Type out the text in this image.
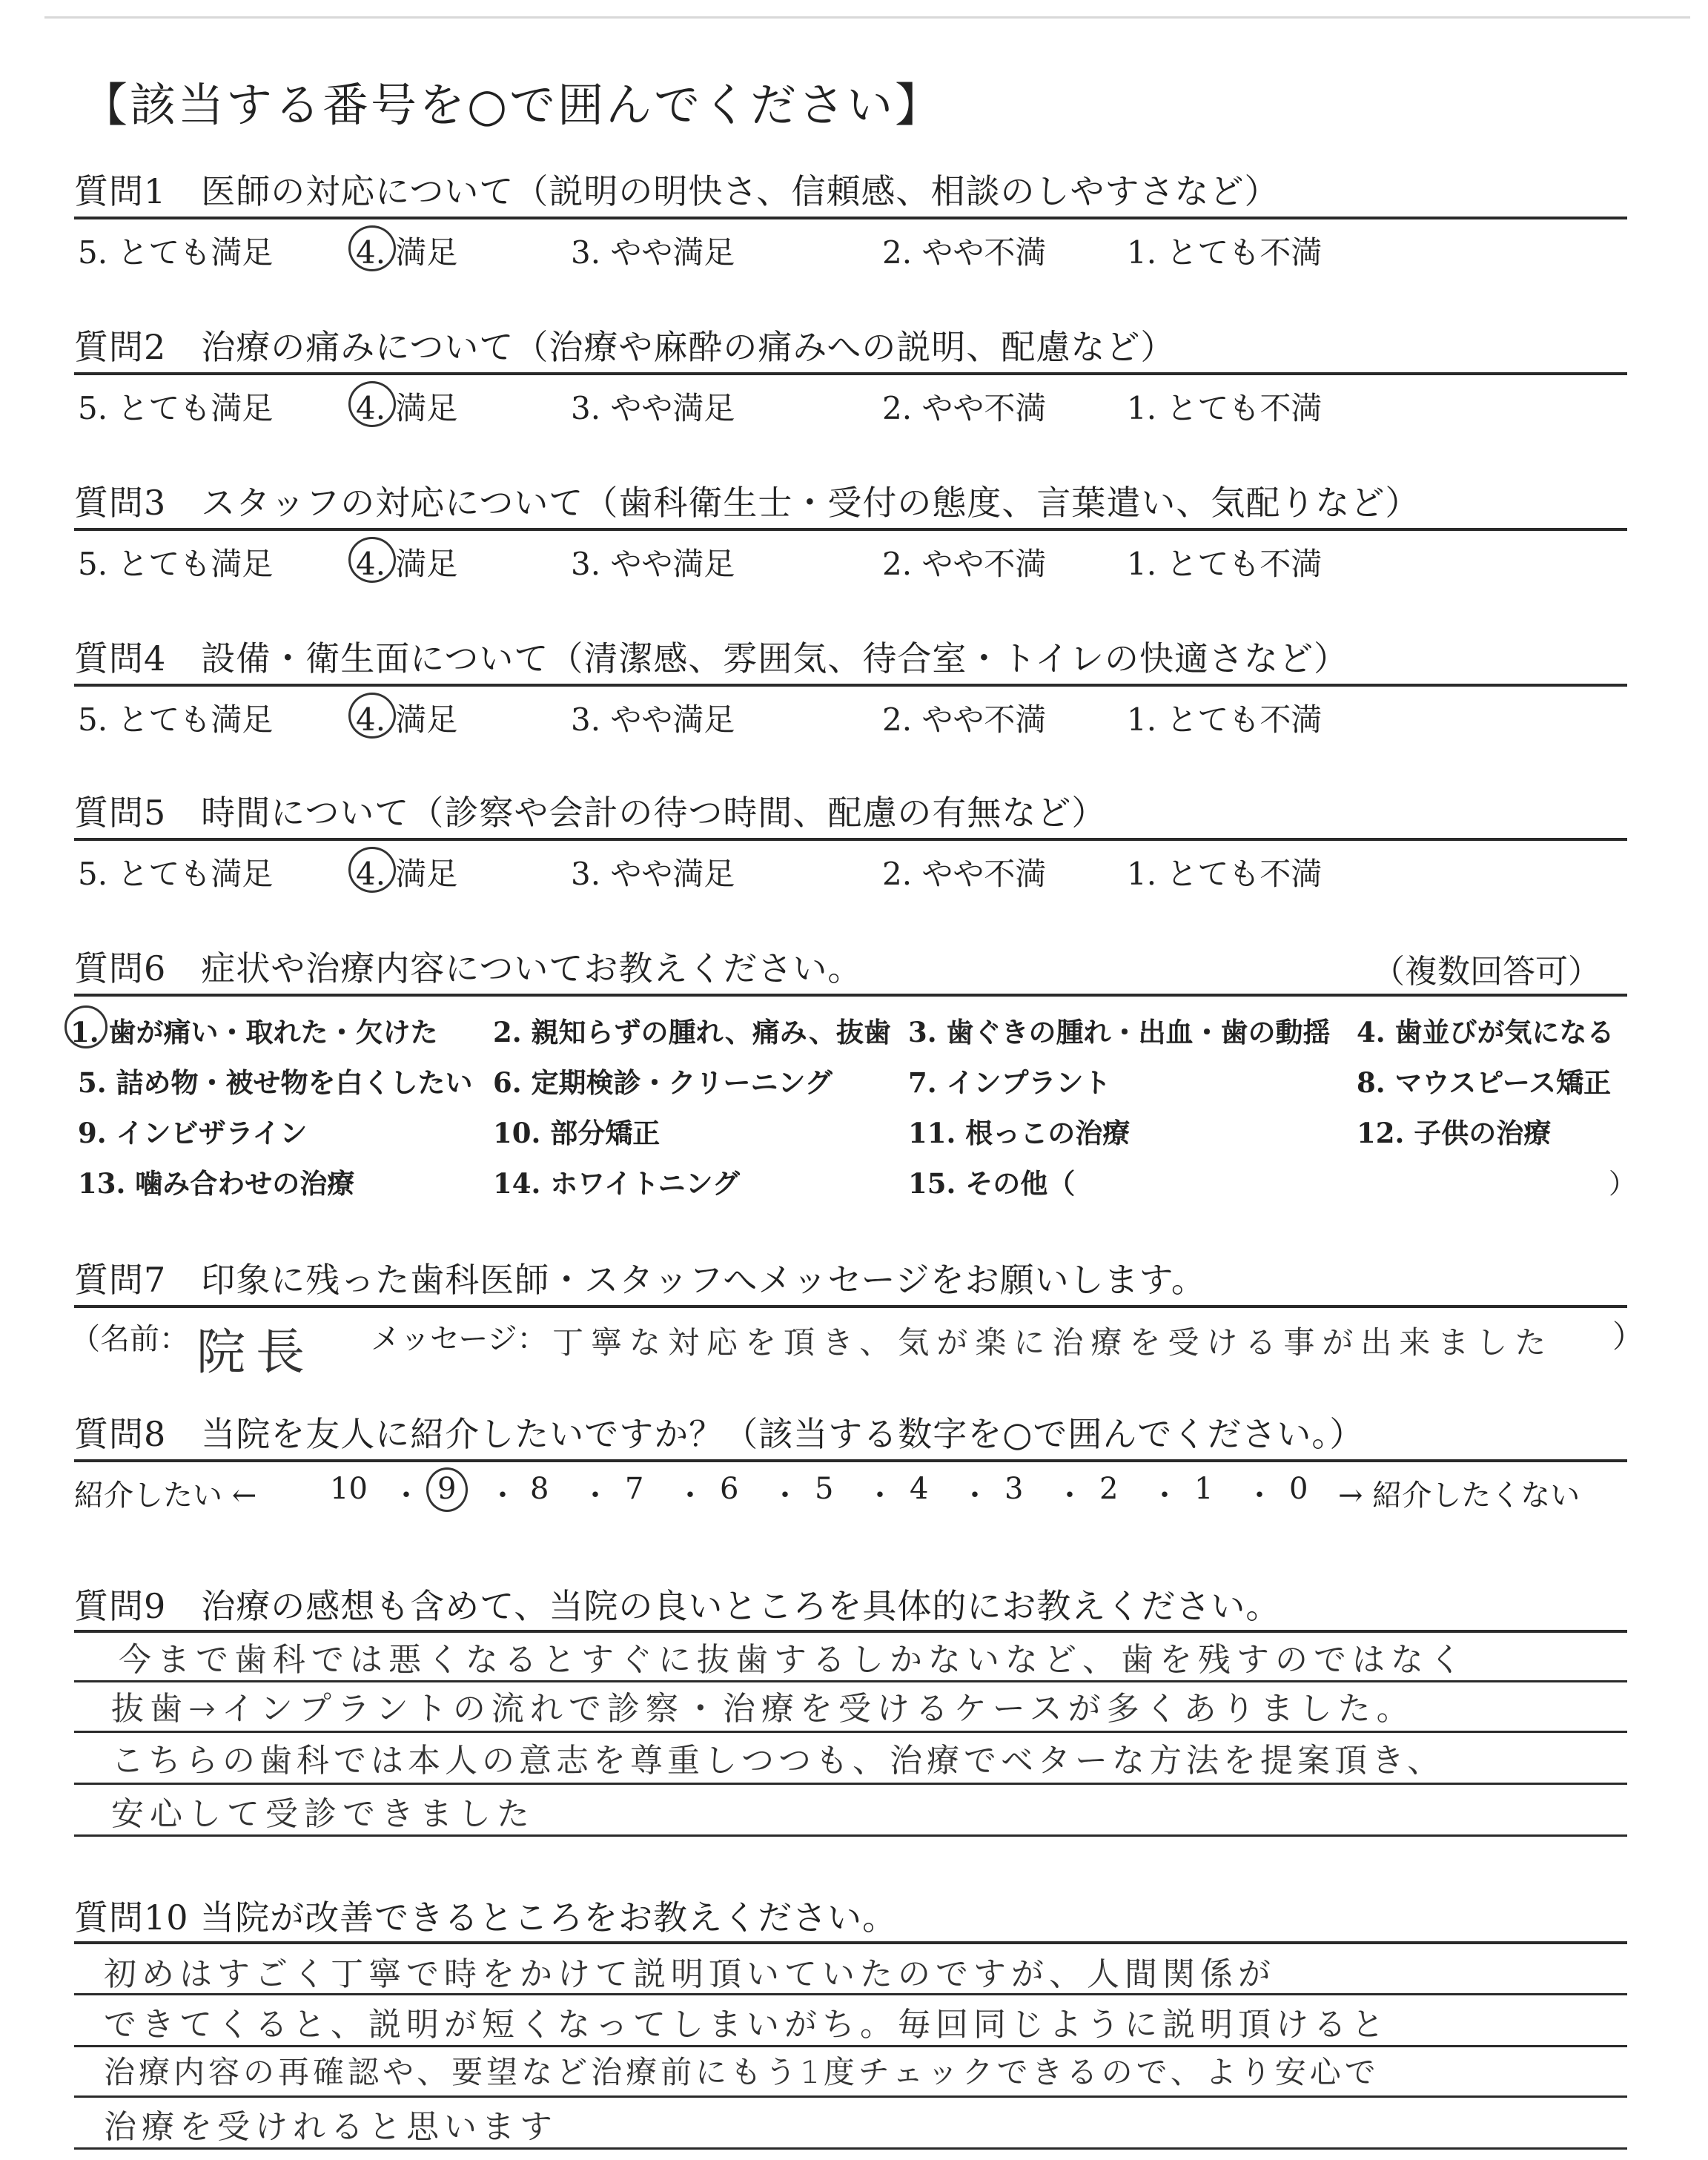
【該当する番号を○で囲んでください】
質問1　医師の対応について（説明の明快さ、信頼感、相談のしやすさなど）
5. とても満足	4. 満足	3. やや満足	2. やや不満	1. とても不満
質問2　治療の痛みについて（治療や麻酔の痛みへの説明、配慮など）
5. とても満足	4. 満足	3. やや満足	2. やや不満	1. とても不満
質問3　スタッフの対応について（歯科衛生士・受付の態度、言葉遣い、気配りなど）
5. とても満足	4. 満足	3. やや満足	2. やや不満	1. とても不満
質問4　設備・衛生面について（清潔感、雰囲気、待合室・トイレの快適さなど）
5. とても満足	4. 満足	3. やや満足	2. やや不満	1. とても不満
質問5　時間について（診察や会計の待つ時間、配慮の有無など）
5. とても満足	4. 満足	3. やや満足	2. やや不満	1. とても不満
質問6　症状や治療内容についてお教えください。	（複数回答可）
1. 歯が痛い・取れた・欠けた 2. 親知らずの腫れ、痛み、抜歯 3. 歯ぐきの腫れ・出血・歯の動揺 4. 歯並びが気になる
5. 詰め物・被せ物を白くしたい 6. 定期検診・クリーニング	7. インプラント	8. マウスピース矯正
9. インビザライン	10. 部分矯正	11. 根っこの治療	12. 子供の治療
13. 噛み合わせの治療	14. ホワイトニング	15. その他（	）
質問7　印象に残った歯科医師・スタッフへメッセージをお願いします。
（名前： 院長 メッセージ： 丁寧な対応を頂き、気が楽に治療を受ける事が出来ました ）
質問8　当院を友人に紹介したいですか？（該当する数字を○で囲んでください。）
紹介したい ← 10 ・ 9 ・ 8 ・ 7 ・ 6 ・ 5 ・ 4 ・ 3 ・ 2 ・ 1 ・ 0 → 紹介したくない
質問9　治療の感想も含めて、当院の良いところを具体的にお教えください。
今まで歯科では悪くなるとすぐに抜歯するしかないなど、歯を残すのではなく
抜歯→インプラントの流れで診察・治療を受けるケースが多くありました。
こちらの歯科では本人の意志を尊重しつつも、治療でベターな方法を提案頂き、
安心して受診できました
質問10 当院が改善できるところをお教えください。
初めはすごく丁寧で時をかけて説明頂いていたのですが、人間関係が
できてくると、説明が短くなってしまいがち。毎回同じように説明頂けると
治療内容の再確認や、要望など治療前にもう1度チェックできるので、より安心で
治療を受けれると思います
